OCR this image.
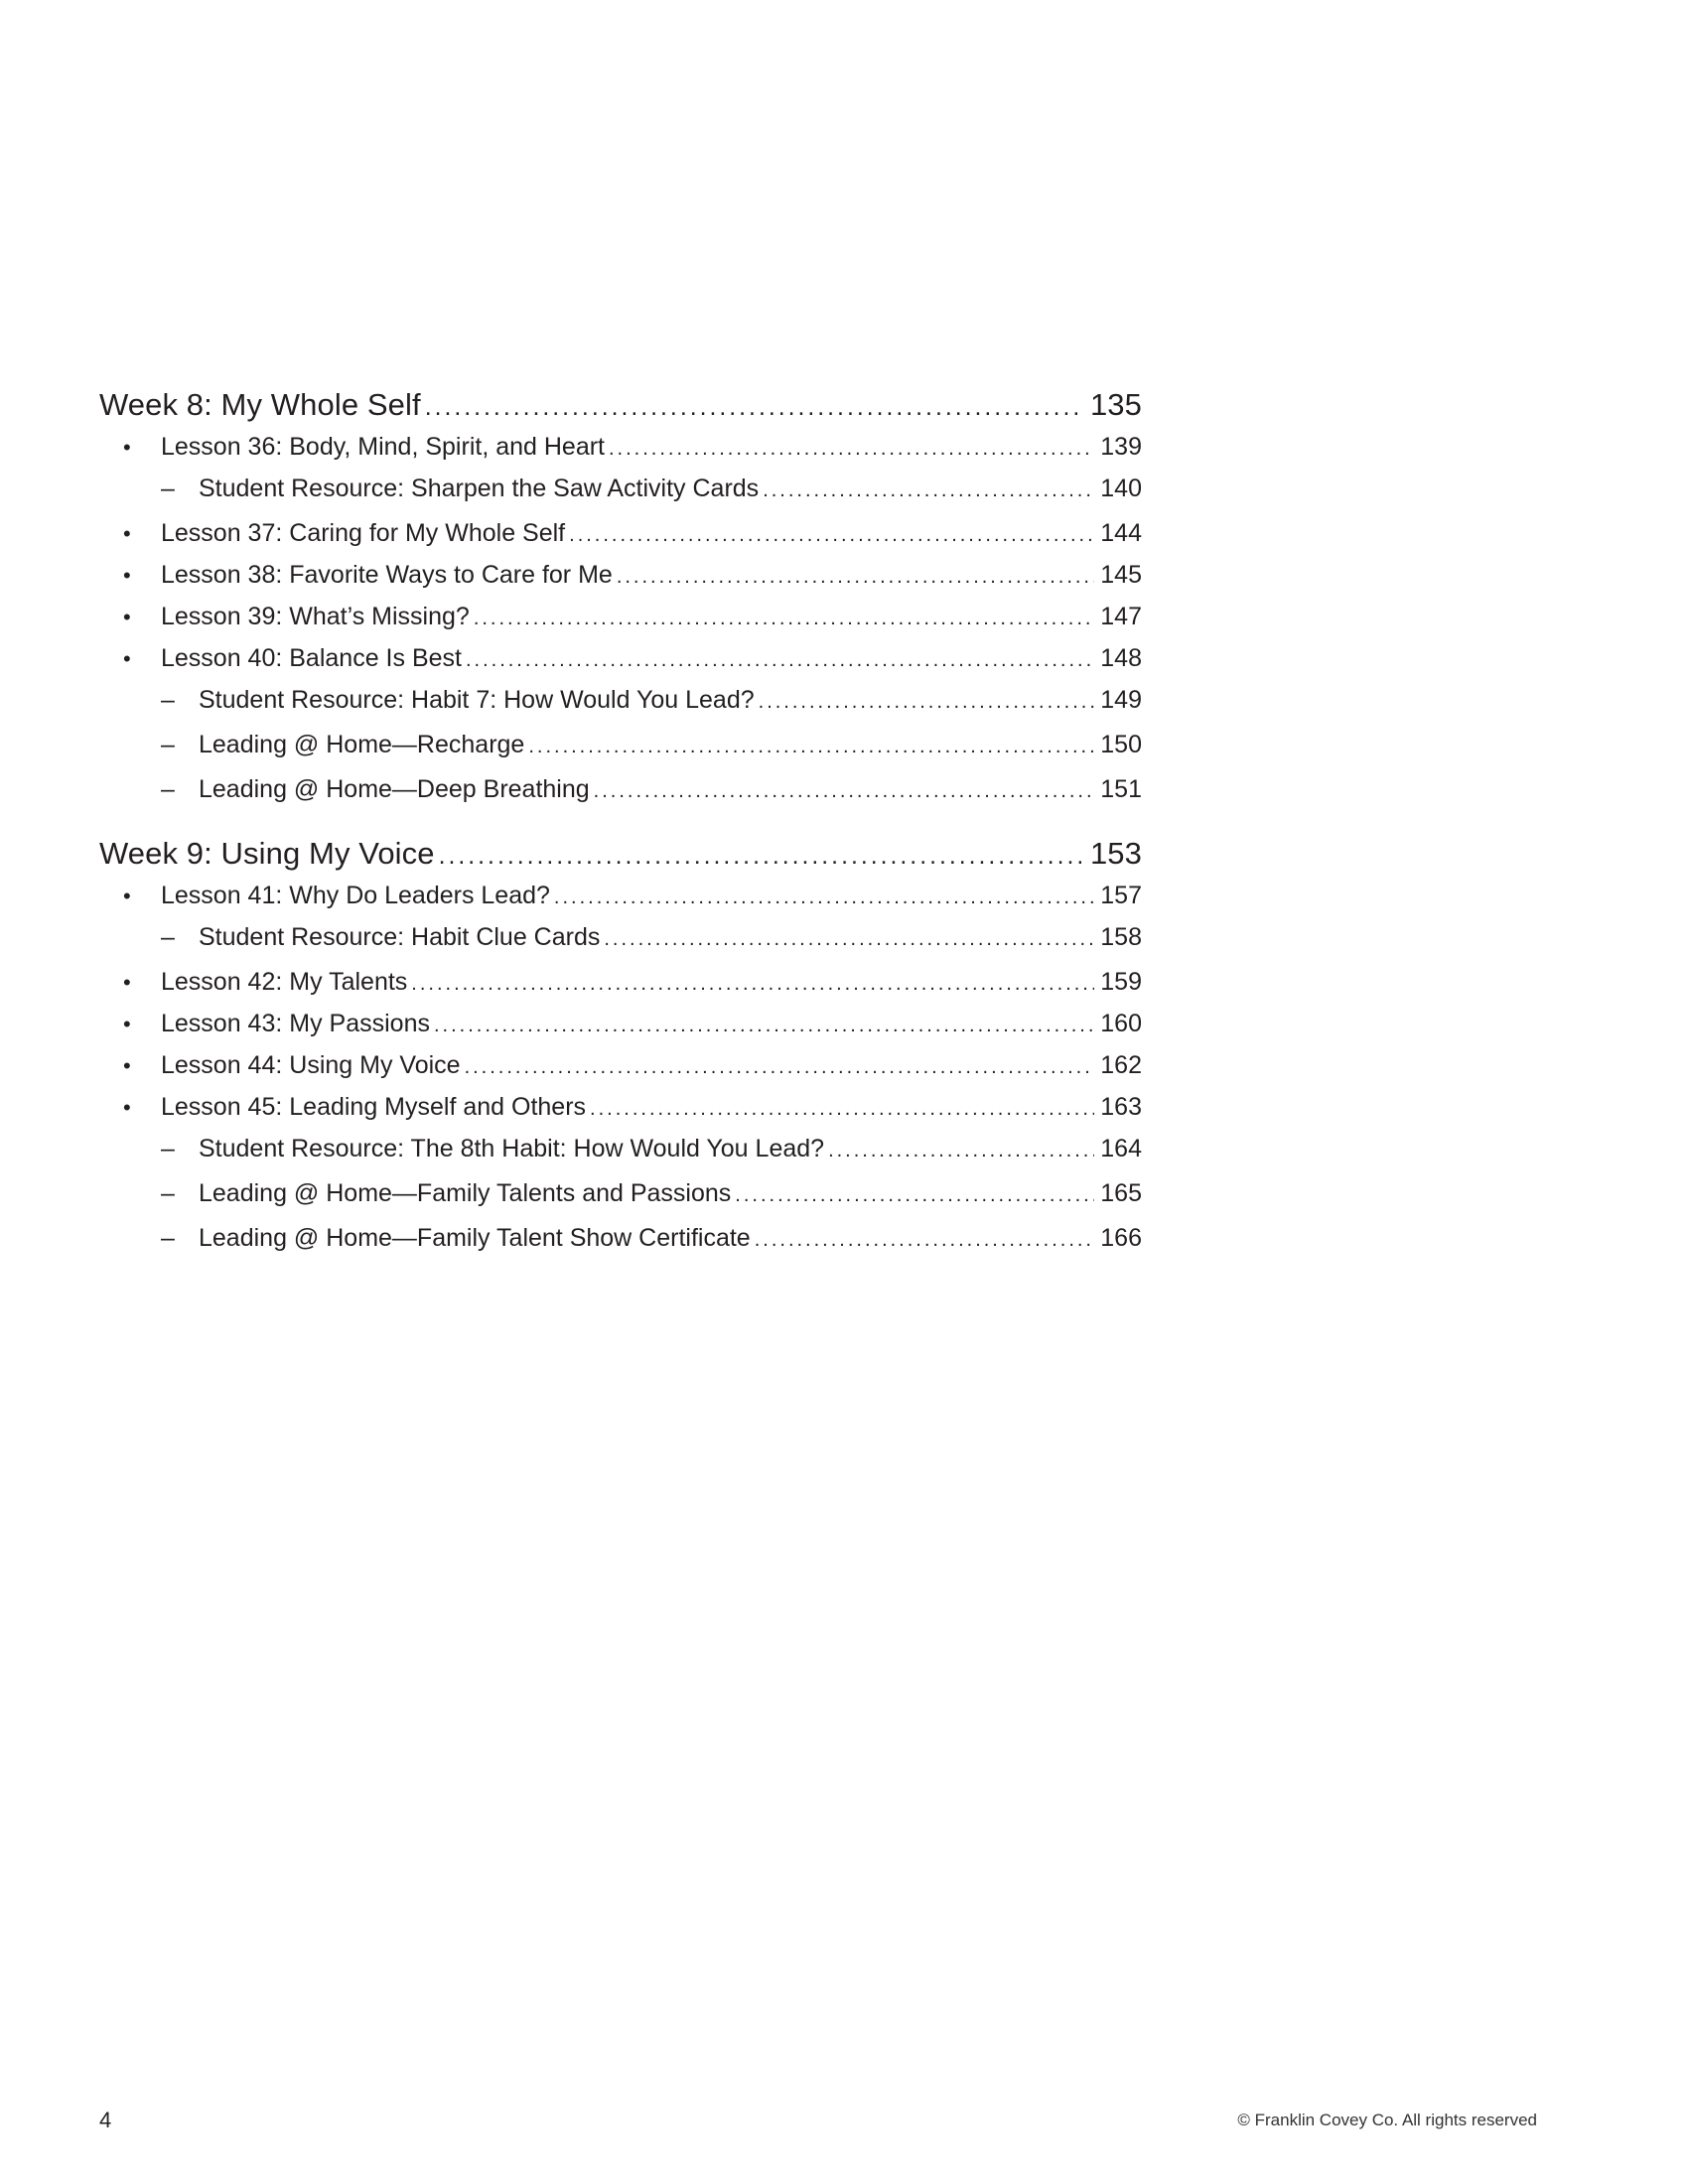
Week 8: My Whole Self .....	135
•	Lesson 36: Body, Mind, Spirit, and Heart .....	139
– Student Resource: Sharpen the Saw Activity Cards .....	140
•	Lesson 37: Caring for My Whole Self .....	144
•	Lesson 38: Favorite Ways to Care for Me .....	145
•	Lesson 39: What’s Missing? .....	147
•	Lesson 40: Balance Is Best .....	148
– Student Resource: Habit 7: How Would You Lead? .....	149
– Leading @ Home—Recharge .....	150
– Leading @ Home—Deep Breathing .....	151
Week 9: Using My Voice .....	153
•	Lesson 41: Why Do Leaders Lead? .....	157
– Student Resource: Habit Clue Cards .....	158
•	Lesson 42: My Talents .....	159
•	Lesson 43: My Passions .....	160
•	Lesson 44: Using My Voice .....	162
•	Lesson 45: Leading Myself and Others .....	163
– Student Resource: The 8th Habit: How Would You Lead? .....	164
– Leading @ Home—Family Talents and Passions .....	165
– Leading @ Home—Family Talent Show Certificate .....	166
4	© Franklin Covey Co. All rights reserved
